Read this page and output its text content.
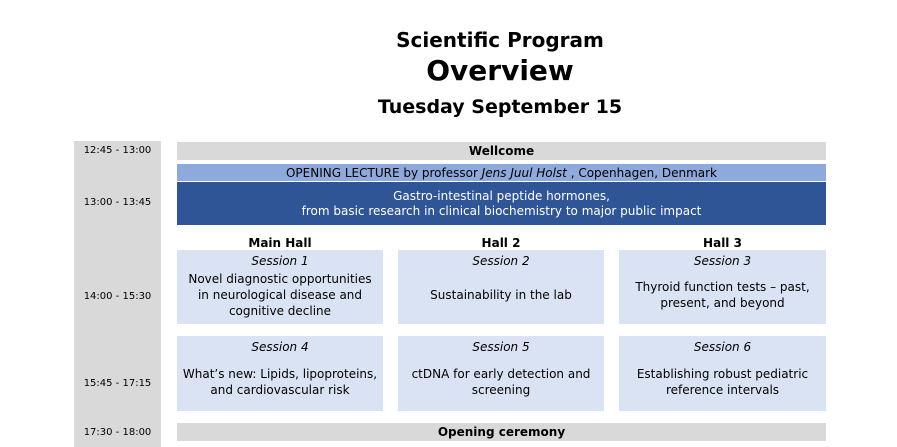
Scientific Program
Overview
Tuesday September 15
12:45 - 13:00
13:00 - 13:45
14:00 - 15:30
15:45 - 17:15
17:30 - 18:00
Wellcome
OPENING LECTURE by professor Jens Juul Holst , Copenhagen, Denmark
Gastro-intestinal peptide hormones,
from basic research in clinical biochemistry to major public impact
Main Hall	Hall 2	Hall 3
Session 1
Novel diagnostic opportunities in neurological disease and cognitive decline
Session 2
Sustainability in the lab
Session 3
Thyroid function tests – past, present, and beyond
Session 4
What’s new: Lipids, lipoproteins, and cardiovascular risk
Session 5
ctDNA for early detection and screening
Session 6
Establishing robust pediatric reference intervals
Opening ceremony
